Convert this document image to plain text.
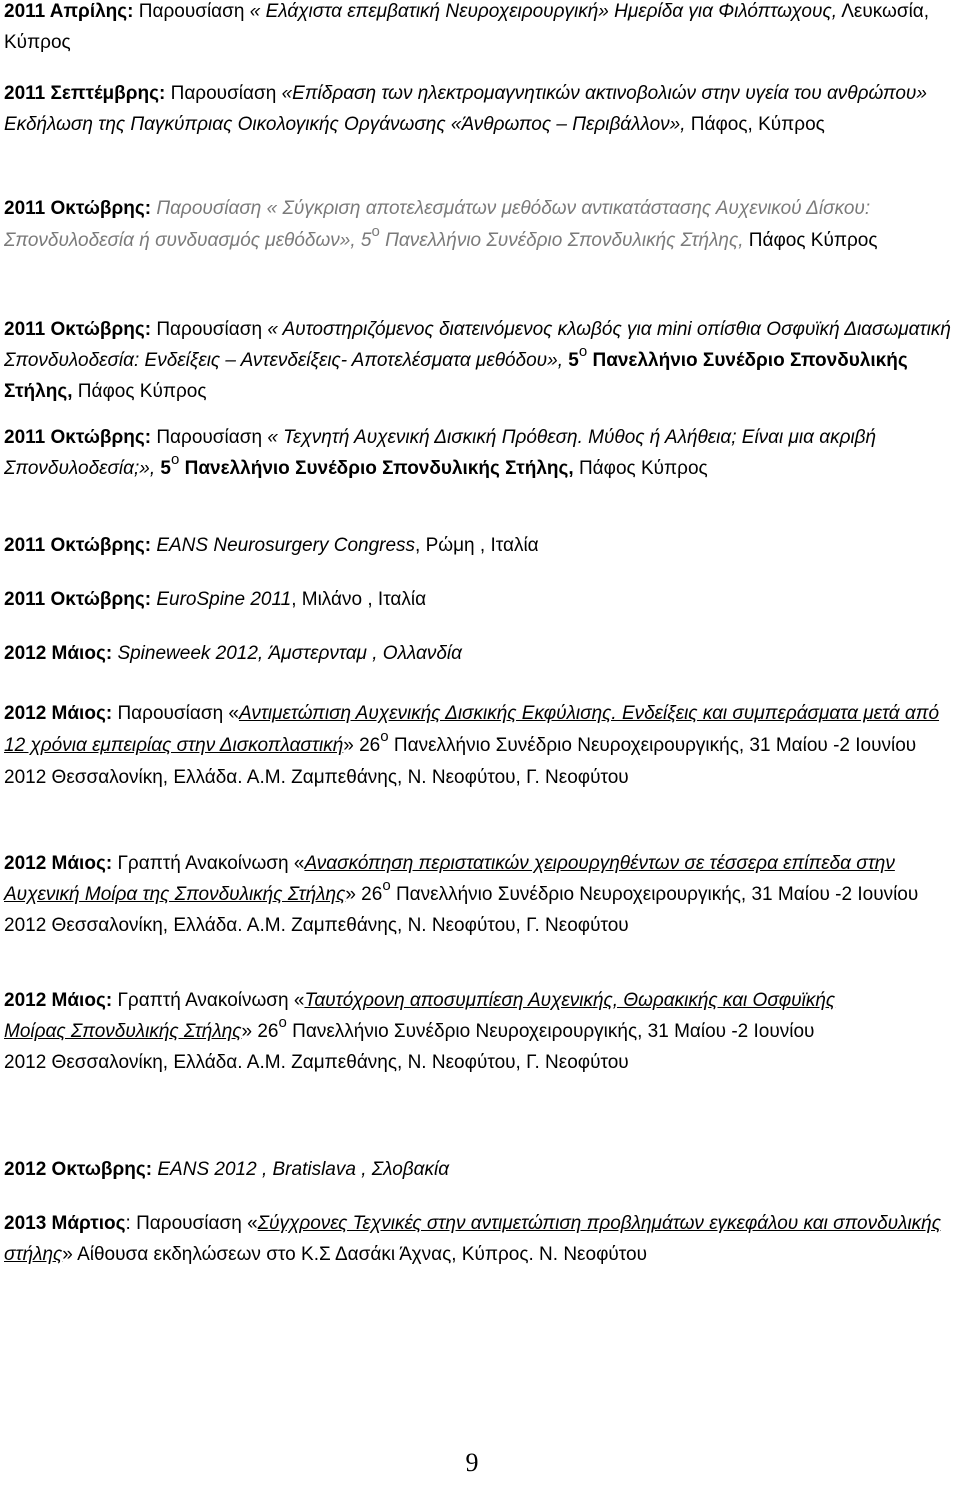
2011 Απρίλης: Παρουσίαση « Ελάχιστα επεμβατική Νευροχειρουργική» Ημερίδα για Φιλόπτωχους, Λευκωσία, Κύπρος

2011 Σεπτέμβρης: Παρουσίαση «Επίδραση των ηλεκτρομαγνητικών ακτινοβολιών στην υγεία του ανθρώπου» Εκδήλωση της Παγκύπριας Οικολογικής Οργάνωσης «Άνθρωπος – Περιβάλλον», Πάφος, Κύπρος

2011 Οκτώβρης: Παρουσίαση « Σύγκριση αποτελεσμάτων μεθόδων αντικατάστασης Αυχενικού Δίσκου: Σπονδυλοδεσία ή συνδυασμός μεθόδων», $5^o$ Πανελλήνιο Συνέδριο Σπονδυλικής Στήλης, Πάφος Κύπρος

2011 Οκτώβρης: Παρουσίαση « Αυτοστηριζόμενος διατεινόμενος κλωβός για mini οπίσθια Οσφυϊκή Διασωματική Σπονδυλοδεσία: Ενδείξεις – Αντενδείξεις- Αποτελέσματα μεθόδου», $5^o$ Πανελλήνιο Συνέδριο Σπονδυλικής Στήλης, Πάφος Κύπρος

2011 Οκτώβρης: Παρουσίαση « Τεχνητή Αυχενική Δισκική Πρόθεση. Μύθος ή Αλήθεια; Είναι μια ακριβή Σπονδυλοδεσία;», $5^o$ Πανελλήνιο Συνέδριο Σπονδυλικής Στήλης, Πάφος Κύπρος

2011 Οκτώβρης: EANS Neurosurgery Congress, Ρώμη , Ιταλία

2011 Οκτώβρης: EuroSpine 2011, Μιλάνο , Ιταλία

2012 Μάιος: Spineweek 2012, Άμστερνταμ , Ολλανδία

2012 Μάιος: Παρουσίαση «Αντιμετώπιση Αυχενικής Δισκικής Εκφύλισης. Ενδείξεις και συμπεράσματα μετά από 12 χρόνια εμπειρίας στην Δισκοπλαστική» $26^o$ Πανελλήνιο Συνέδριο Νευροχειρουργικής, 31 Μαίου -2 Ιουνίου 2012 Θεσσαλονίκη, Ελλάδα. Α.Μ. Ζαμπεθάνης, Ν. Νεοφύτου, Γ. Νεοφύτου

2012 Μάιος: Γραπτή Ανακοίνωση «Ανασκόπηση περιστατικών χειρουργηθέντων σε τέσσερα επίπεδα στην Αυχενική Μοίρα της Σπονδυλικής Στήλης» $26^o$ Πανελλήνιο Συνέδριο Νευροχειρουργικής, 31 Μαίου -2 Ιουνίου 2012 Θεσσαλονίκη, Ελλάδα. Α.Μ. Ζαμπεθάνης, Ν. Νεοφύτου, Γ. Νεοφύτου

2012 Μάιος: Γραπτή Ανακοίνωση «Ταυτόχρονη αποσυμπίεση Αυχενικής, Θωρακικής και Οσφυϊκής
Μοίρας Σπονδυλικής Στήλης» $26^o$ Πανελλήνιο Συνέδριο Νευροχειρουργικής, 31 Μαίου -2 Ιουνίου
2012 Θεσσαλονίκη, Ελλάδα. Α.Μ. Ζαμπεθάνης, Ν. Νεοφύτου, Γ. Νεοφύτου

2012 Οκτωβρης: EANS 2012 , Bratislava , Σλοβακία

2013 Μάρτιος: Παρουσίαση «Σύγχρονες Τεχνικές στην αντιμετώπιση προβλημάτων εγκεφάλου και σπονδυλικής στήλης» Αίθουσα εκδηλώσεων στο Κ.Σ Δασάκι Άχνας, Κύπρος. Ν. Νεοφύτου

9
